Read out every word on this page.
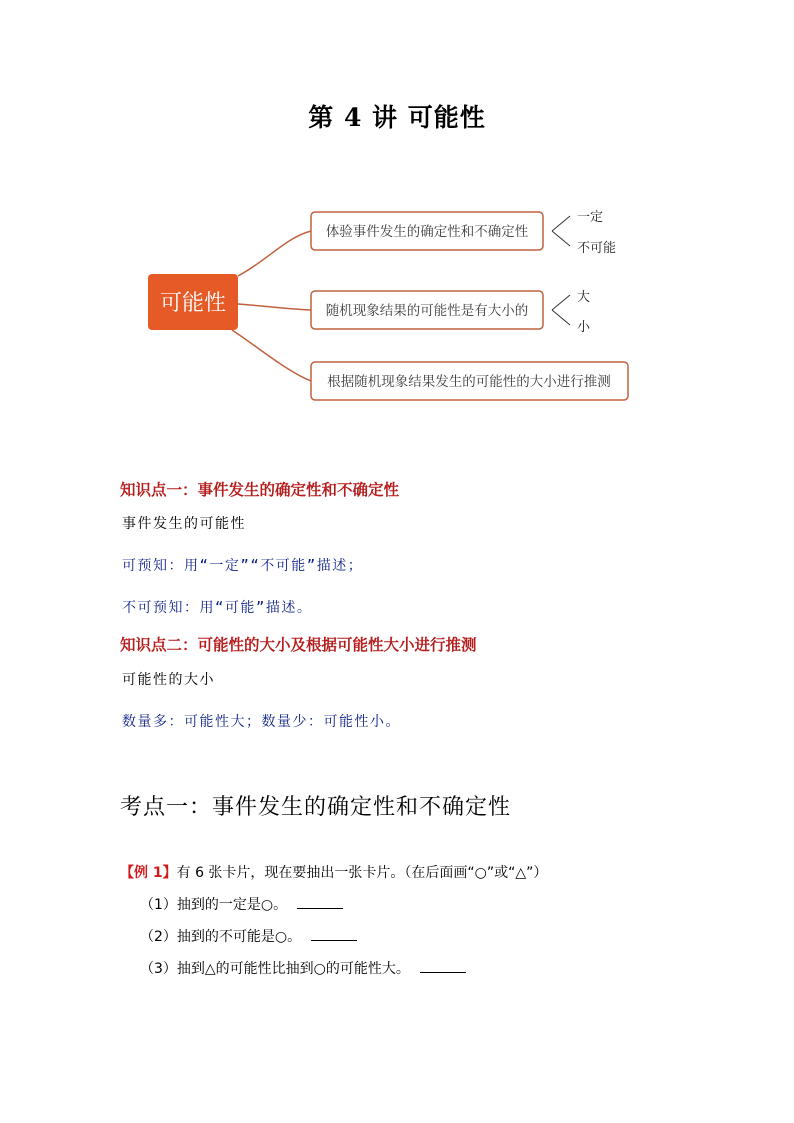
第 4 讲 可能性
可能性
体验事件发生的确定性和不确定性
随机现象结果的可能性是有大小的
根据随机现象结果发生的可能性的大小进行推测
一定
不可能
大
小
知识点一：事件发生的确定性和不确定性
事件发生的可能性
可预知：用“一定”“不可能”描述；
不可预知：用“可能”描述。
知识点二：可能性的大小及根据可能性大小进行推测
可能性的大小
数量多：可能性大；数量少：可能性小。
考点一：事件发生的确定性和不确定性
【例 1】有 6 张卡片，现在要抽出一张卡片。（在后面画“○”或“△”）
（1）抽到的一定是○。
（2）抽到的不可能是○。
（3）抽到△的可能性比抽到○的可能性大。
